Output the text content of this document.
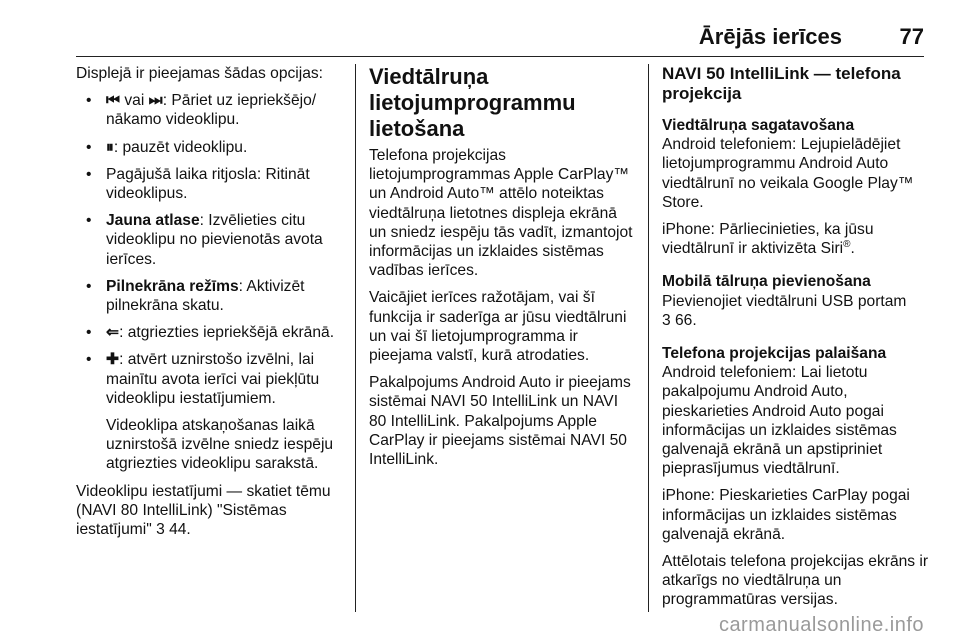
Ārējās ierīces	77

Displejā ir pieejamas šādas opcijas:

• ⏮ vai ⏭: Pāriet uz iepriekšējo/ nākamo videoklipu.
• ⏸: pauzēt videoklipu.
• Pagājušā laika ritjosla: Ritināt videoklipus.
• Jauna atlase: Izvēlieties citu videoklipu no pievienotās avota ierīces.
• Pilnekrāna režīms: Aktivizēt pilnekrāna skatu.
• ⇐: atgriezties iepriekšējā ekrānā.
• ✚: atvērt uznirstošo izvēlni, lai mainītu avota ierīci vai piekļūtu videoklipu iestatījumiem.
Videoklipa atskaņošanas laikā uznirstošā izvēlne sniedz iespēju atgriezties videoklipu sarakstā.

Videoklipu iestatījumi — skatiet tēmu (NAVI 80 IntelliLink) "Sistēmas iestatījumi" 3 44.

Viedtālruņa lietojumprogrammu lietošana

Telefona projekcijas lietojumprogrammas Apple CarPlay™ un Android Auto™ attēlo noteiktas viedtālruņa lietotnes displeja ekrānā un sniedz iespēju tās vadīt, izmantojot informācijas un izklaides sistēmas vadības ierīces.

Vaicājiet ierīces ražotājam, vai šī funkcija ir saderīga ar jūsu viedtālruni un vai šī lietojumprogramma ir pieejama valstī, kurā atrodaties.

Pakalpojums Android Auto ir pieejams sistēmai NAVI 50 IntelliLink un NAVI 80 IntelliLink. Pakalpojums Apple CarPlay ir pieejams sistēmai NAVI 50 IntelliLink.

NAVI 50 IntelliLink — telefona projekcija

Viedtālruņa sagatavošana

Android telefoniem: Lejupielādējiet lietojumprogrammu Android Auto viedtālrunī no veikala Google Play™ Store.

iPhone: Pārliecinieties, ka jūsu viedtālrunī ir aktivizēta Siri®.

Mobilā tālruņa pievienošana

Pievienojiet viedtālruni USB portam
3 66.

Telefona projekcijas palaišana

Android telefoniem: Lai lietotu pakalpojumu Android Auto, pieskarieties Android Auto pogai informācijas un izklaides sistēmas galvenajā ekrānā un apstipriniet pieprasījumus viedtālrunī.

iPhone: Pieskarieties CarPlay pogai informācijas un izklaides sistēmas galvenajā ekrānā.

Attēlotais telefona projekcijas ekrāns ir atkarīgs no viedtālruņa un programmatūras versijas.

carmanualsonline.info
